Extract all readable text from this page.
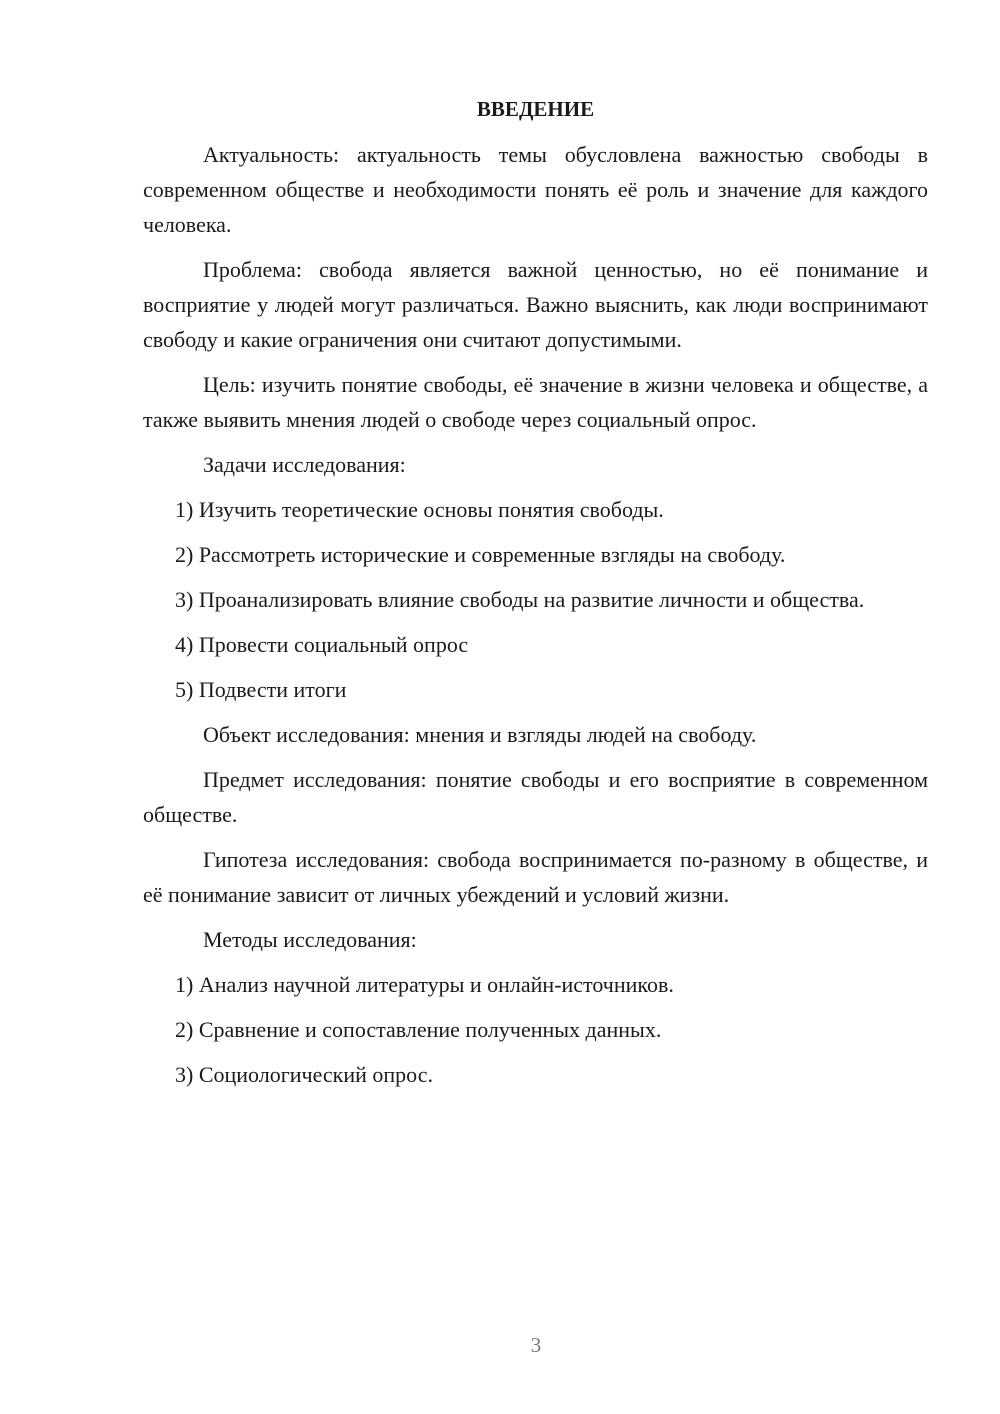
ВВЕДЕНИЕ
Актуальность: актуальность темы обусловлена важностью свободы в современном обществе и необходимости понять её роль и значение для каждого человека.
Проблема: свобода является важной ценностью, но её понимание и восприятие у людей могут различаться. Важно выяснить, как люди воспринимают свободу и какие ограничения они считают допустимыми.
Цель: изучить понятие свободы, её значение в жизни человека и обществе, а также выявить мнения людей о свободе через социальный опрос.
Задачи исследования:
1) Изучить теоретические основы понятия свободы.
2) Рассмотреть исторические и современные взгляды на свободу.
3) Проанализировать влияние свободы на развитие личности и общества.
4) Провести социальный опрос
5) Подвести итоги
Объект исследования: мнения и взгляды людей на свободу.
Предмет исследования: понятие свободы и его восприятие в современном обществе.
Гипотеза исследования: свобода воспринимается по-разному в обществе, и её понимание зависит от личных убеждений и условий жизни.
Методы исследования:
1) Анализ научной литературы и онлайн-источников.
2) Сравнение и сопоставление полученных данных.
3) Социологический опрос.
3
